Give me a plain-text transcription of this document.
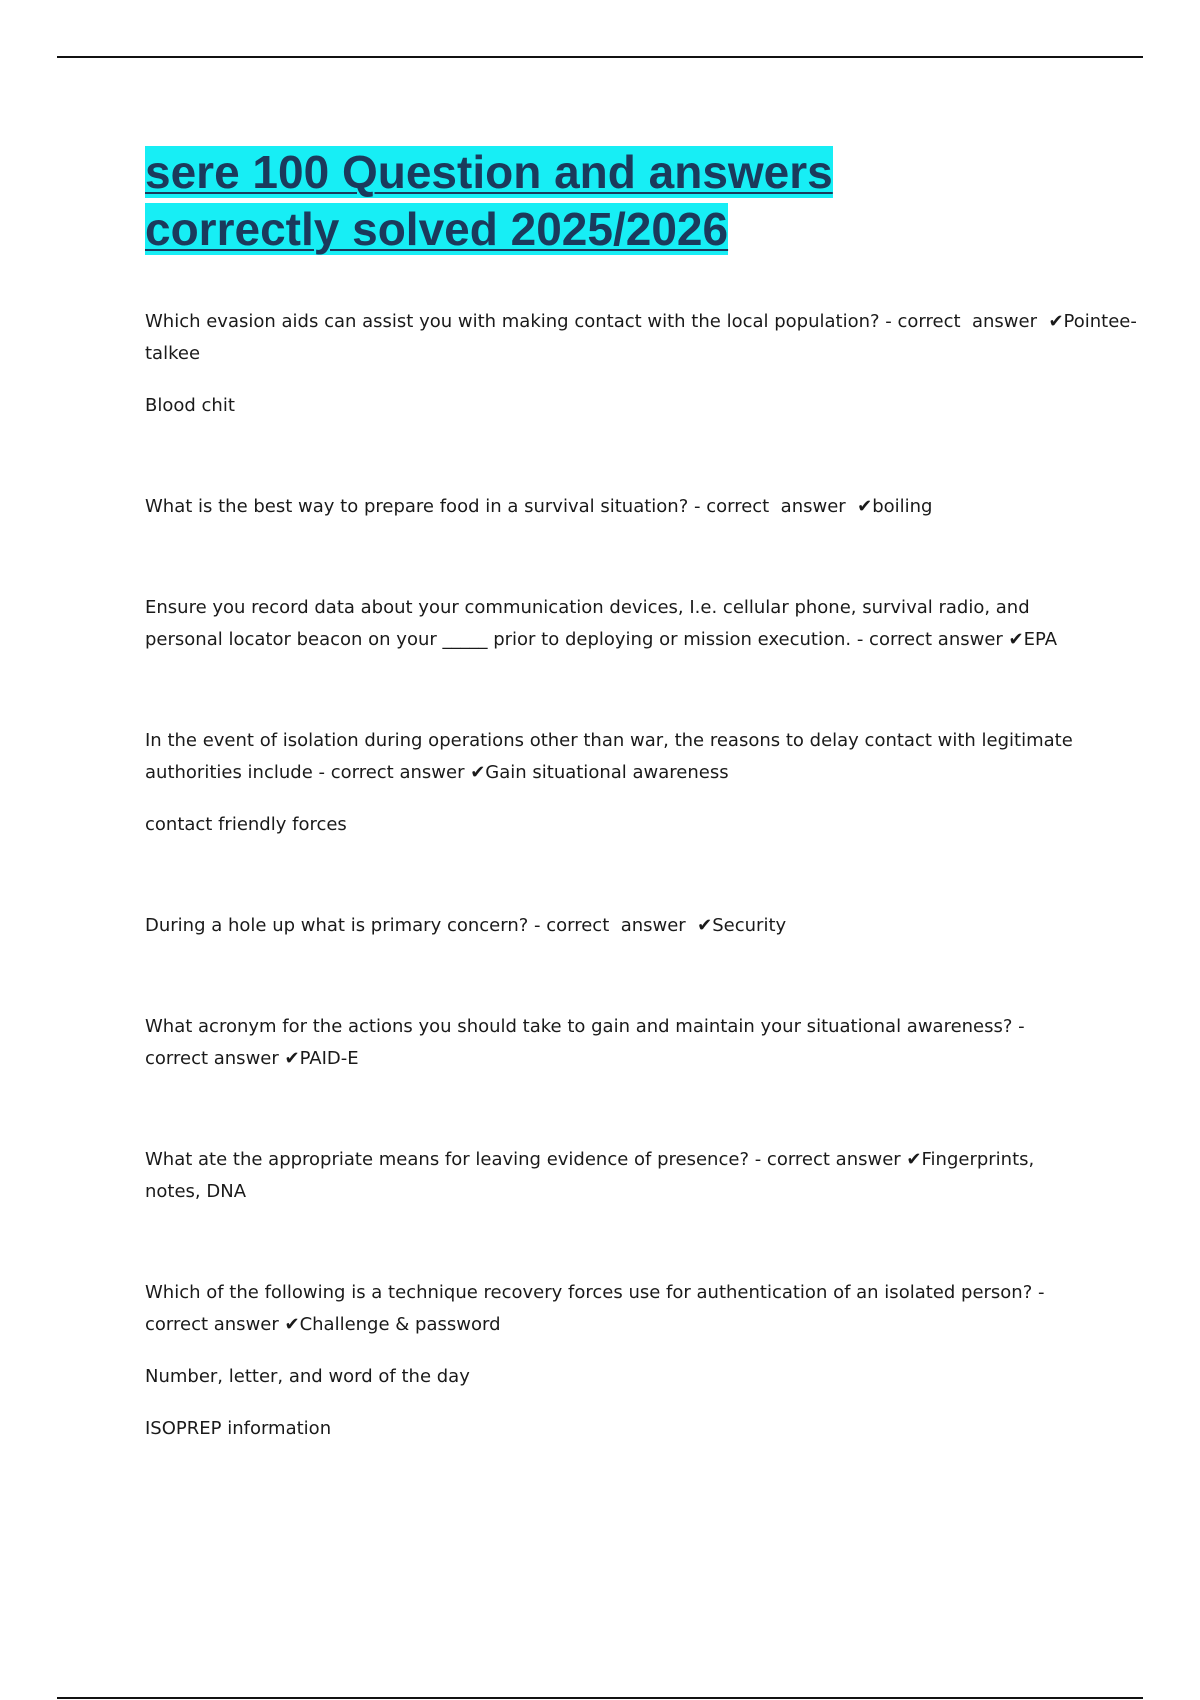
sere 100 Question and answers
correctly solved 2025/2026

Which evasion aids can assist you with making contact with the local population? - correct  answer  ✔Pointee-talkee

Blood chit

What is the best way to prepare food in a survival situation? - correct  answer  ✔boiling

Ensure you record data about your communication devices, I.e. cellular phone, survival radio, and personal locator beacon on your _____ prior to deploying or mission execution. - correct answer ✔EPA

In the event of isolation during operations other than war, the reasons to delay contact with legitimate authorities include - correct answer ✔Gain situational awareness

contact friendly forces

During a hole up what is primary concern? - correct  answer  ✔Security

What acronym for the actions you should take to gain and maintain your situational awareness? - correct answer ✔PAID-E

What ate the appropriate means for leaving evidence of presence? - correct answer ✔Fingerprints, notes, DNA

Which of the following is a technique recovery forces use for authentication of an isolated person? - correct answer ✔Challenge & password

Number, letter, and word of the day

ISOPREP information
